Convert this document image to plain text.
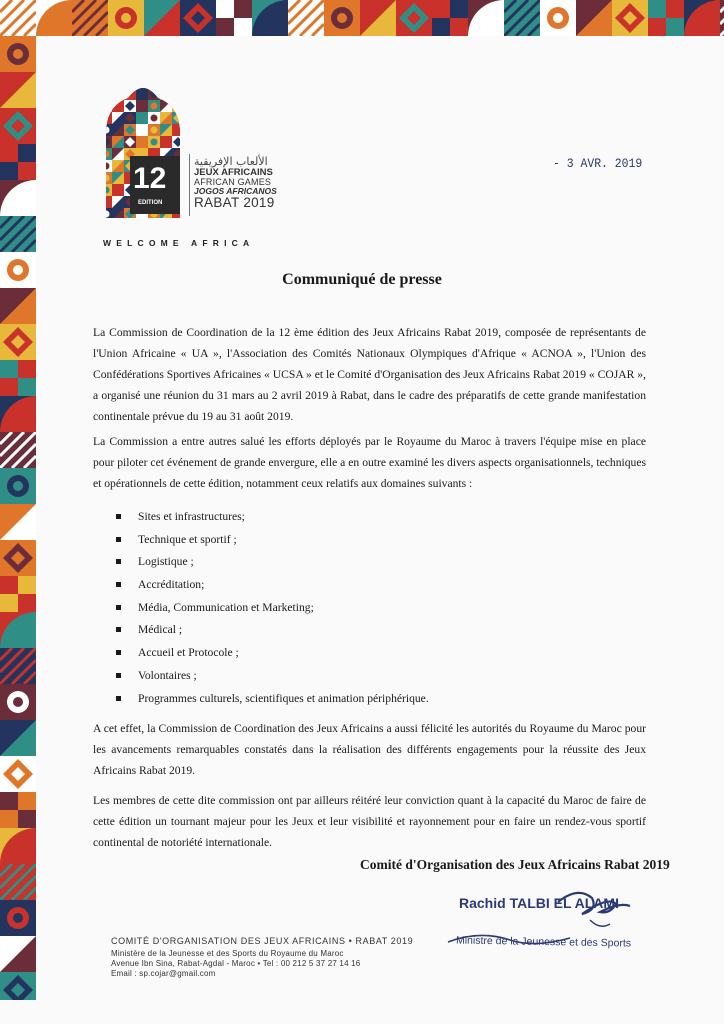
12
EDITION
الألعاب الإفريقية
JEUX AFRICAINS
AFRICAN GAMES
JOGOS AFRICANOS
RABAT 2019
WELCOME AFRICA
- 3 AVR. 2019
Communiqué de presse
La Commission de Coordination de la 12 ème édition des Jeux Africains Rabat 2019, composée de représentants de l'Union Africaine « UA », l'Association des Comités Nationaux Olympiques d'Afrique « ACNOA », l'Union des Confédérations Sportives Africaines « UCSA » et le Comité d'Organisation des Jeux Africains Rabat 2019 « COJAR », a organisé une réunion du 31 mars au 2 avril 2019 à Rabat, dans le cadre des préparatifs de cette grande manifestation continentale prévue du 19 au 31 août 2019.
La Commission a entre autres salué les efforts déployés par le Royaume du Maroc à travers l'équipe mise en place pour piloter cet événement de grande envergure, elle a en outre examiné les divers aspects organisationnels, techniques et opérationnels de cette édition, notamment ceux relatifs aux domaines suivants :
Sites et infrastructures;
Technique et sportif ;
Logistique ;
Accréditation;
Média, Communication et Marketing;
Médical ;
Accueil et Protocole ;
Volontaires ;
Programmes culturels, scientifiques et animation périphérique.
A cet effet, la Commission de Coordination des Jeux Africains a aussi félicité les autorités du Royaume du Maroc pour les avancements remarquables constatés dans la réalisation des différents engagements pour la réussite des Jeux Africains Rabat 2019.
Les membres de cette dite commission ont par ailleurs réitéré leur conviction quant à la capacité du Maroc de faire de cette édition un tournant majeur pour les Jeux et leur visibilité et rayonnement pour en faire un rendez-vous sportif continental de notoriété internationale.
Comité d'Organisation des Jeux Africains Rabat 2019
Rachid TALBI EL ALAMI
Ministre de la Jeunesse et des Sports
COMITÉ D'ORGANISATION DES JEUX AFRICAINS • RABAT 2019
Ministère de la Jeunesse et des Sports du Royaume du Maroc
Avenue Ibn Sina, Rabat-Agdal - Maroc • Tel : 00 212 5 37 27 14 16
Email : sp.cojar@gmail.com
